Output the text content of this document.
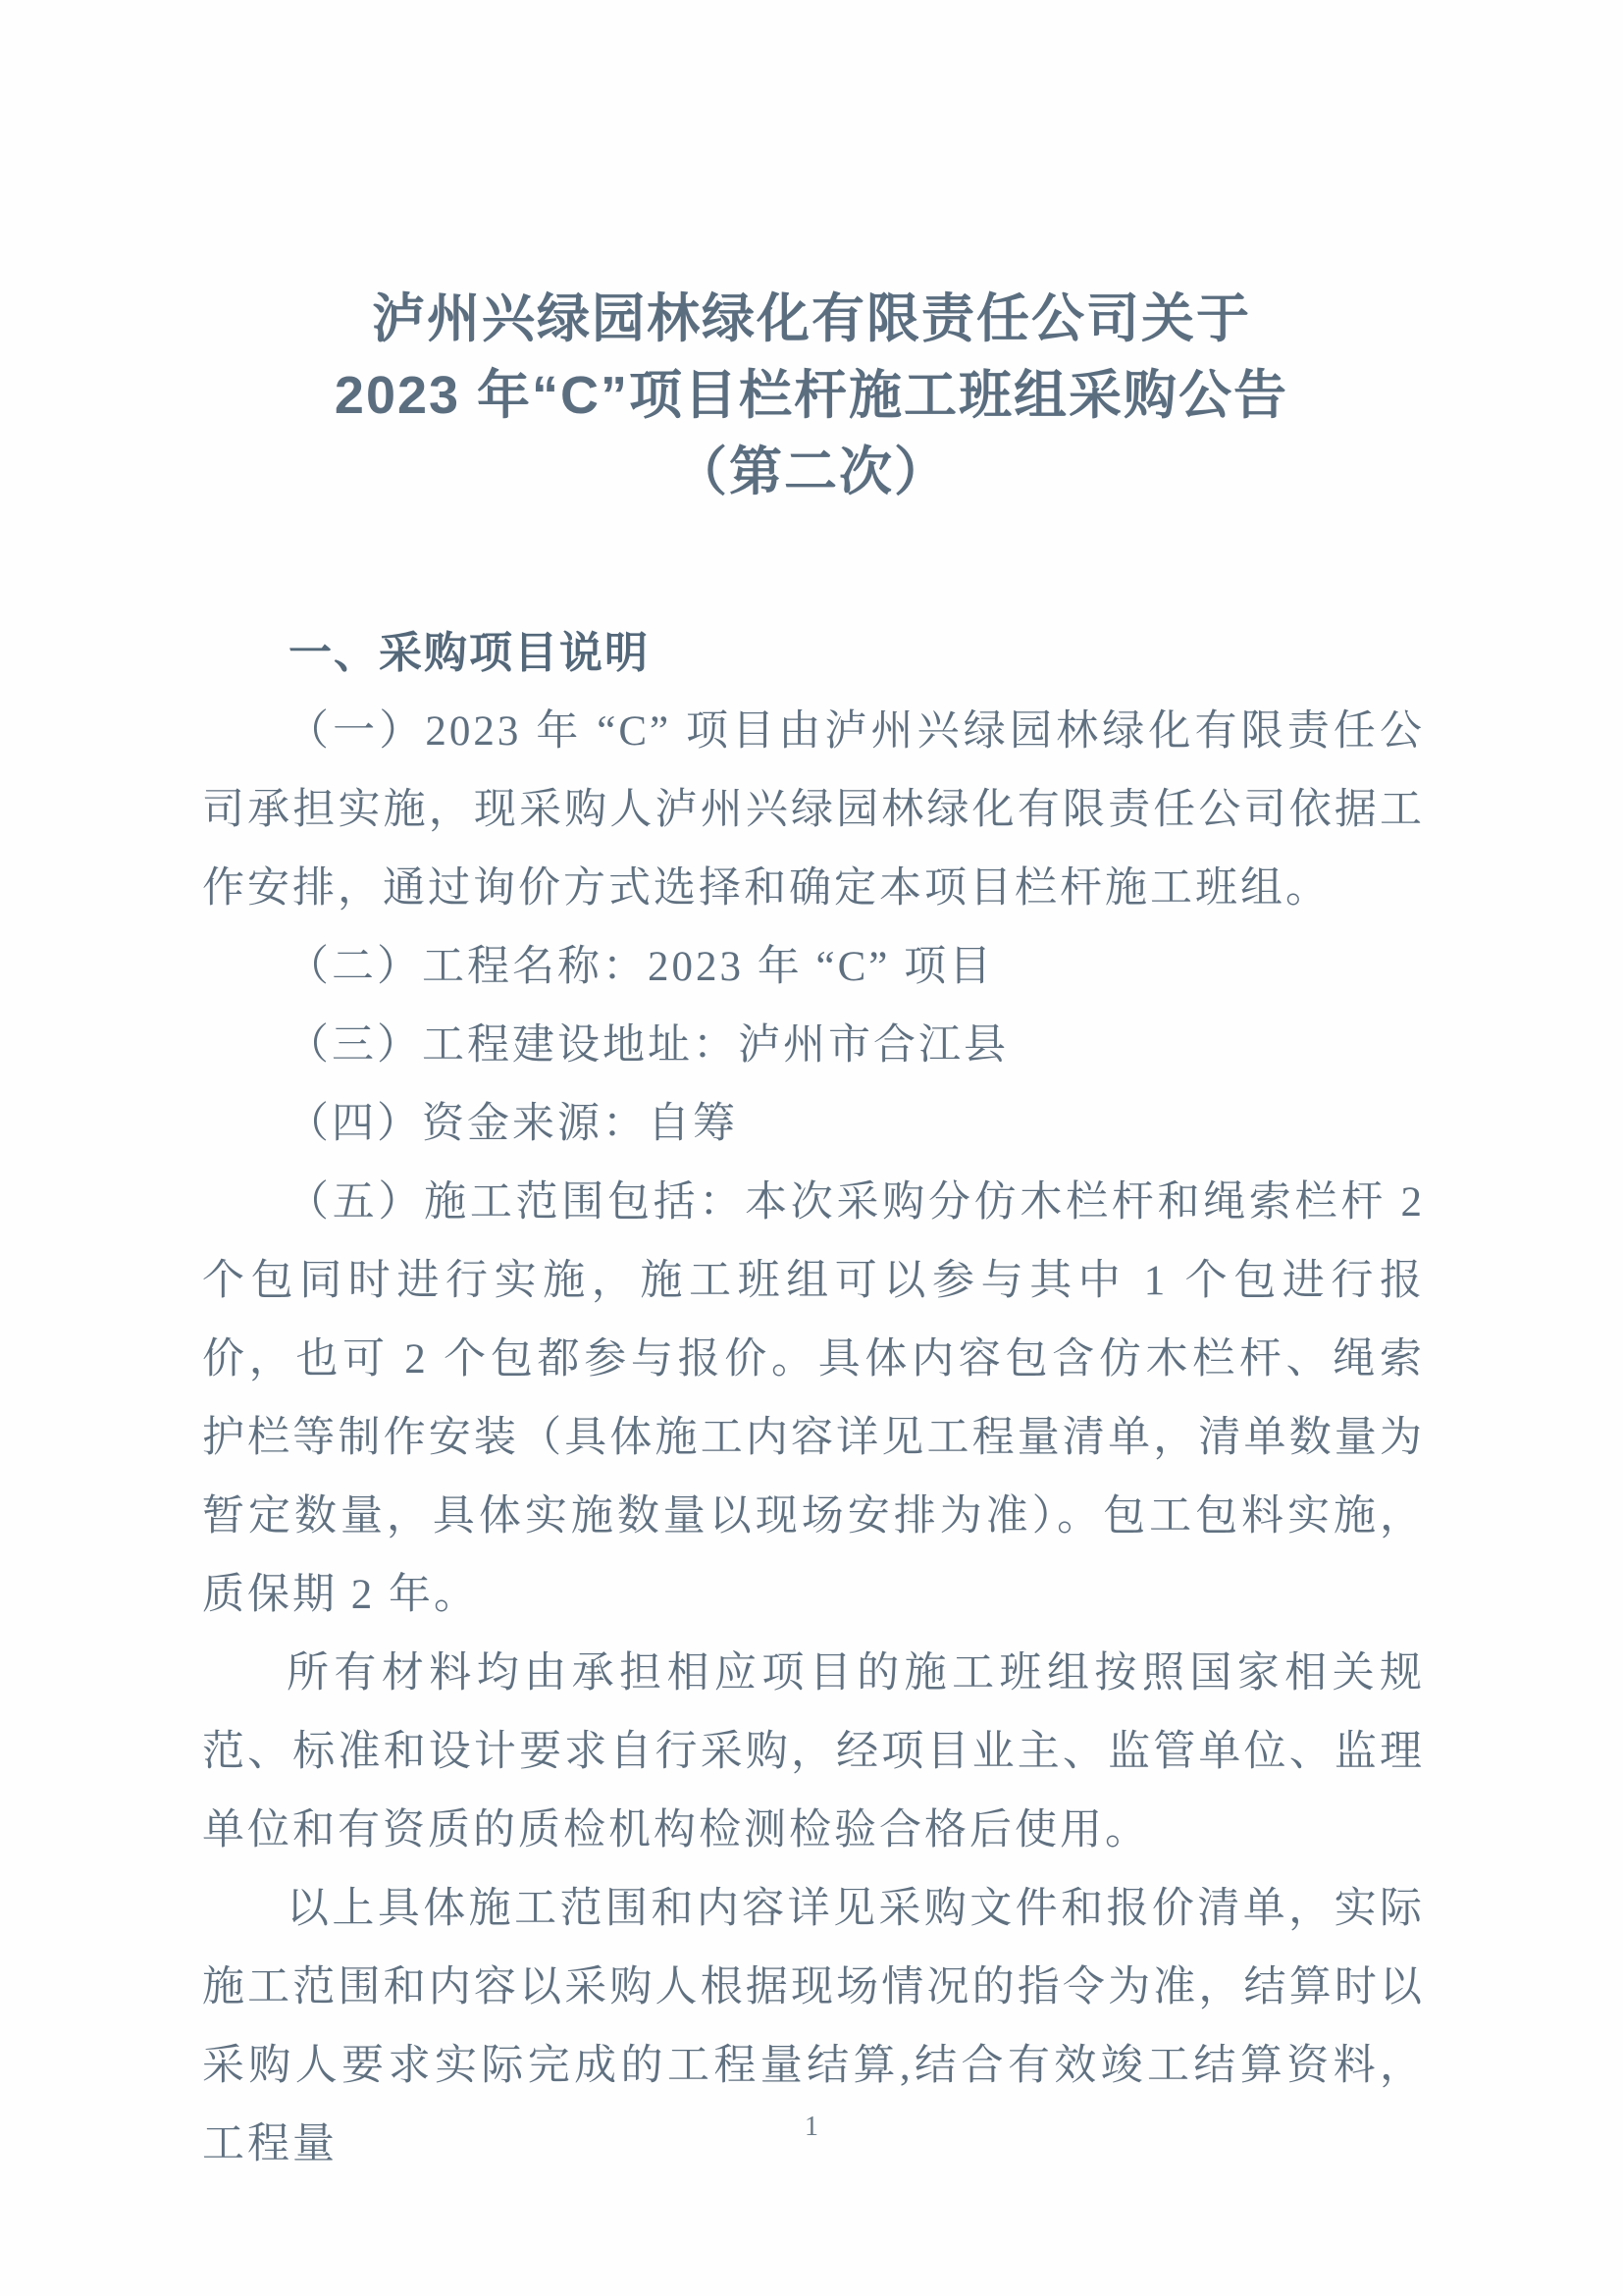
泸州兴绿园林绿化有限责任公司关于
2023 年“C”项目栏杆施工班组采购公告
（第二次）
一、采购项目说明

（一）2023 年 “C” 项目由泸州兴绿园林绿化有限责任公司承担实施，现采购人泸州兴绿园林绿化有限责任公司依据工作安排，通过询价方式选择和确定本项目栏杆施工班组。

（二）工程名称：2023 年 “C” 项目

（三）工程建设地址：泸州市合江县

（四）资金来源：自筹

（五）施工范围包括：本次采购分仿木栏杆和绳索栏杆 2 个包同时进行实施，施工班组可以参与其中 1 个包进行报价，也可 2 个包都参与报价。具体内容包含仿木栏杆、绳索护栏等制作安装（具体施工内容详见工程量清单，清单数量为暂定数量，具体实施数量以现场安排为准）。包工包料实施，质保期 2 年。

所有材料均由承担相应项目的施工班组按照国家相关规范、标准和设计要求自行采购，经项目业主、监管单位、监理单位和有资质的质检机构检测检验合格后使用。

以上具体施工范围和内容详见采购文件和报价清单，实际施工范围和内容以采购人根据现场情况的指令为准，结算时以采购人要求实际完成的工程量结算,结合有效竣工结算资料， 工程量	1
